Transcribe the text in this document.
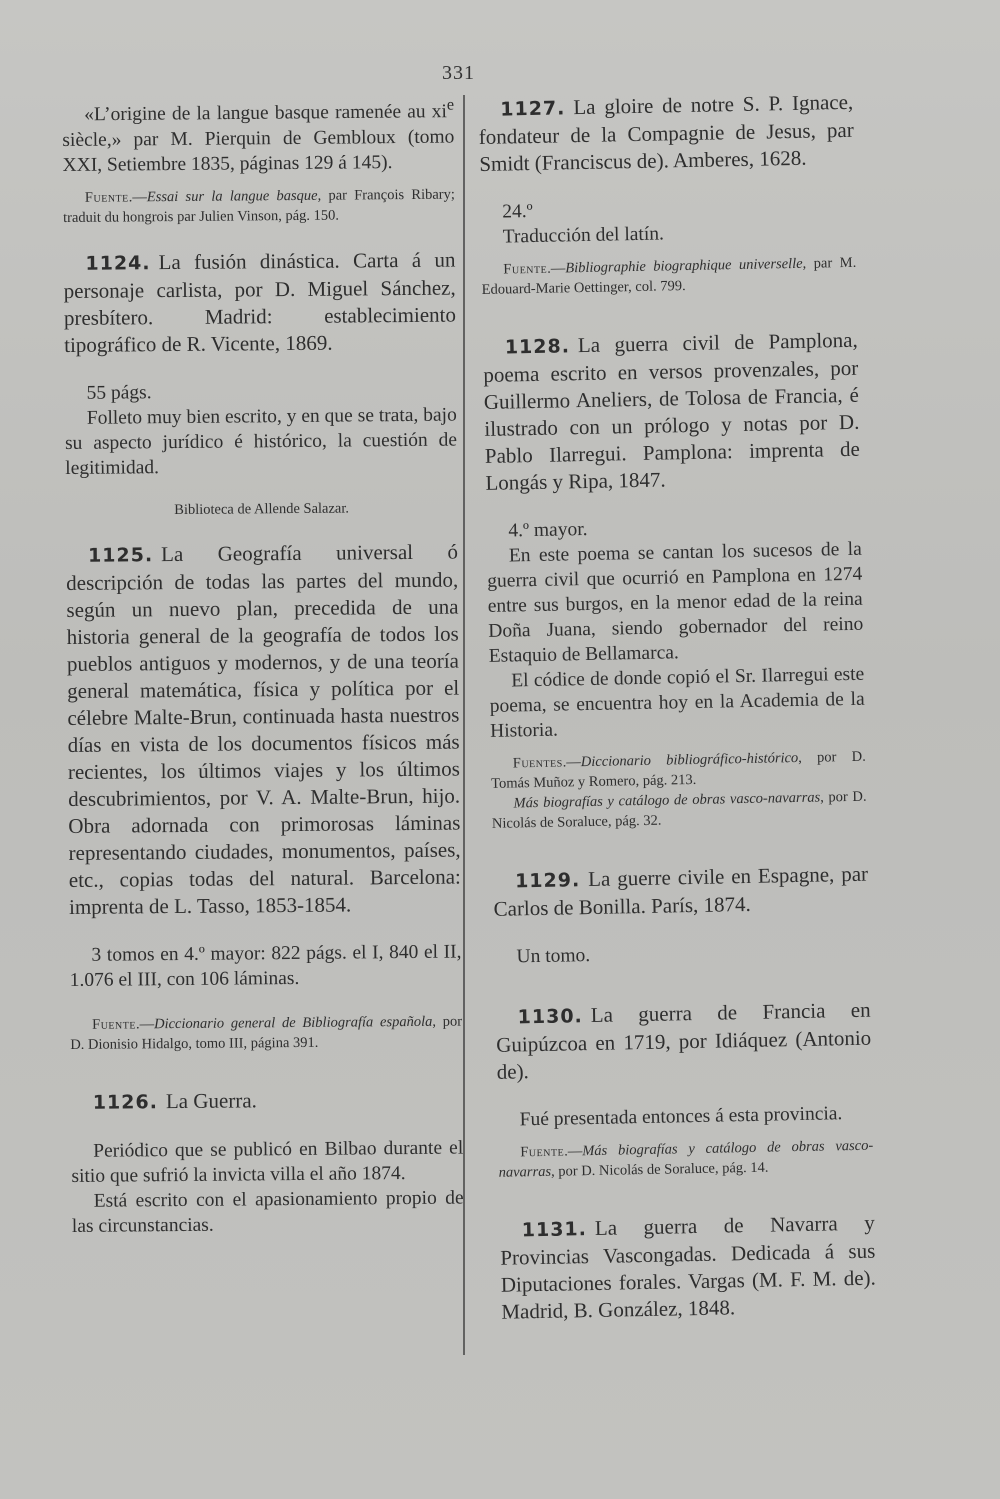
331

«L’origine de la langue basque ramenée au $xi^e$ siècle,» par M. Pierquin de Gembloux (tomo XXI, Setiembre 1835, páginas 129 á 145).

Fuente.—Essai sur la langue basque, par François Ribary; traduit du hongrois par Julien Vinson, pág. 150.

1124. La fusión dinástica. Carta á un personaje carlista, por D. Miguel Sánchez, presbítero. Madrid: establecimiento tipográfico de R. Vicente, 1869.

55 págs.

Folleto muy bien escrito, y en que se trata, bajo su aspecto jurídico é histórico, la cuestión de legitimidad.

Biblioteca de Allende Salazar.

1125. La Geografía universal ó descripción de todas las partes del mundo, según un nuevo plan, precedida de una historia general de la geografía de todos los pueblos antiguos y modernos, y de una teoría general matemática, física y política por el célebre Malte-Brun, continuada hasta nuestros días en vista de los documentos físicos más recientes, los últimos viajes y los últimos descubrimientos, por V. A. Malte-Brun, hijo. Obra adornada con primorosas láminas representando ciudades, monumentos, países, etc., copias todas del natural. Barcelona: imprenta de L. Tasso, 1853-1854.

3 tomos en 4.º mayor: 822 págs. el I, 840 el II, 1.076 el III, con 106 láminas.

Fuente.—Diccionario general de Bibliografía española, por D. Dionisio Hidalgo, tomo III, página 391.

1126. La Guerra.

Periódico que se publicó en Bilbao durante el sitio que sufrió la invicta villa el año 1874.

Está escrito con el apasionamiento propio de las circunstancias.

1127. La gloire de notre S. P. Ignace, fondateur de la Compagnie de Jesus, par Smidt (Franciscus de). Amberes, 1628.

24.º

Traducción del latín.

Fuente.—Bibliographie biographique universelle, par M. Edouard-Marie Oettinger, col. 799.

1128. La guerra civil de Pamplona, poema escrito en versos provenzales, por Guillermo Aneliers, de Tolosa de Francia, é ilustrado con un prólogo y notas por D. Pablo Ilarregui. Pamplona: imprenta de Longás y Ripa, 1847.

4.º mayor.

En este poema se cantan los sucesos de la guerra civil que ocurrió en Pamplona en 1274 entre sus burgos, en la menor edad de la reina Doña Juana, siendo gobernador del reino Estaquio de Bellamarca.

El códice de donde copió el Sr. Ilarregui este poema, se encuentra hoy en la Academia de la Historia.

Fuentes.—Diccionario bibliográfico-histórico, por D. Tomás Muñoz y Romero, pág. 213.

Más biografías y catálogo de obras vasco-navarras, por D. Nicolás de Soraluce, pág. 32.

1129. La guerre civile en Espagne, par Carlos de Bonilla. París, 1874.

Un tomo.

1130. La guerra de Francia en Guipúzcoa en 1719, por Idiáquez (Antonio de).

Fué presentada entonces á esta provincia.

Fuente.—Más biografías y catálogo de obras vasco-navarras, por D. Nicolás de Soraluce, pág. 14.

1131. La guerra de Navarra y Provincias Vascongadas. Dedicada á sus Diputaciones forales. Vargas (M. F. M. de). Madrid, B. González, 1848.
